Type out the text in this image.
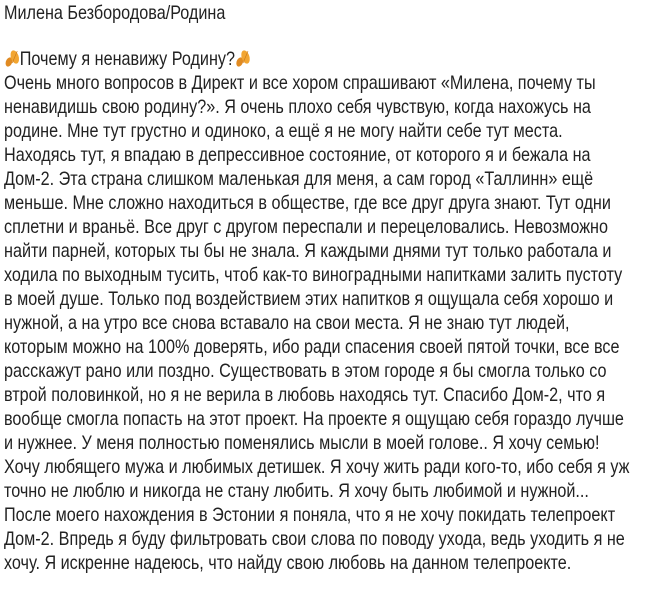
Милена Безбородова/Родина
Почему я ненавижу Родину?
Очень много вопросов в Директ и все хором спрашивают «Милена, почему ты
ненавидишь свою родину?». Я очень плохо себя чувствую, когда нахожусь на
родине. Мне тут грустно и одиноко, а ещё я не могу найти себе тут места.
Находясь тут, я впадаю в депрессивное состояние, от которого я и бежала на
Дом-2. Эта страна слишком маленькая для меня, а сам город «Таллинн» ещё
меньше. Мне сложно находиться в обществе, где все друг друга знают. Тут одни
сплетни и враньё. Все друг с другом переспали и перецеловались. Невозможно
найти парней, которых ты бы не знала. Я каждыми днями тут только работала и
ходила по выходным тусить, чтоб как-то виноградными напитками залить пустоту
в моей душе. Только под воздействием этих напитков я ощущала себя хорошо и
нужной, а на утро все снова вставало на свои места. Я не знаю тут людей,
которым можно на 100% доверять, ибо ради спасения своей пятой точки, все все
расскажут рано или поздно. Существовать в этом городе я бы смогла только со
втрой половинкой, но я не верила в любовь находясь тут. Спасибо Дом-2, что я
вообще смогла попасть на этот проект. На проекте я ощущаю себя гораздо лучше
и нужнее. У меня полностью поменялись мысли в моей голове.. Я хочу семью!
Хочу любящего мужа и любимых детишек. Я хочу жить ради кого-то, ибо себя я уж
точно не люблю и никогда не стану любить. Я хочу быть любимой и нужной...
После моего нахождения в Эстонии я поняла, что я не хочу покидать телепроект
Дом-2. Впредь я буду фильтровать свои слова по поводу ухода, ведь уходить я не
хочу. Я искренне надеюсь, что найду свою любовь на данном телепроекте.
